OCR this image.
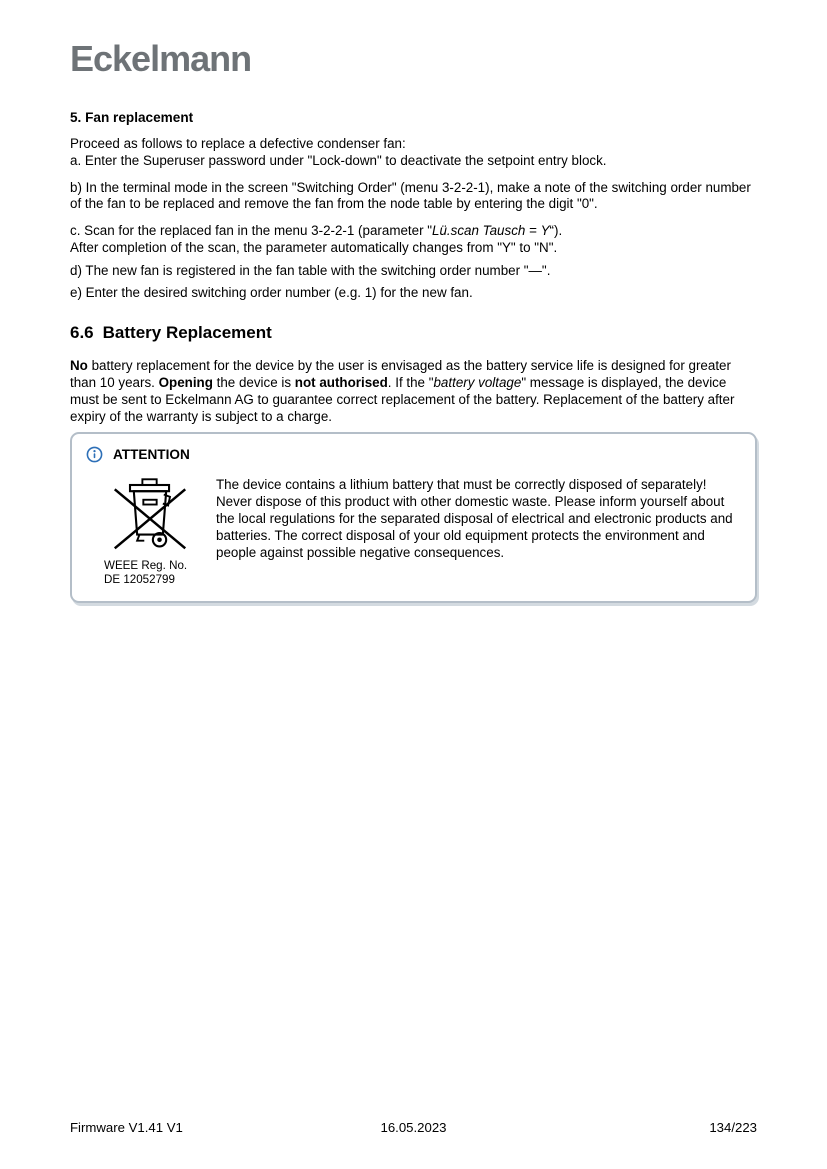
Eckelmann
5. Fan replacement

Proceed as follows to replace a defective condenser fan:
a. Enter the Superuser password under "Lock-down" to deactivate the setpoint entry block.

b) In the terminal mode in the screen "Switching Order" (menu 3-2-2-1), make a note of the switching order number of the fan to be replaced and remove the fan from the node table by entering the digit "0".

c. Scan for the replaced fan in the menu 3-2-2-1 (parameter "Lü.scan Tausch = Y“).
After completion of the scan, the parameter automatically changes from "Y" to "N".

d) The new fan is registered in the fan table with the switching order number "—".

e) Enter the desired switching order number (e.g. 1) for the new fan.

6.6 Battery Replacement

No battery replacement for the device by the user is envisaged as the battery service life is designed for greater than 10 years. Opening the device is not authorised. If the "battery voltage" message is displayed, the device must be sent to Eckelmann AG to guarantee correct replacement of the battery. Replacement of the battery after expiry of the warranty is subject to a charge.

ATTENTION
WEEE Reg. No.
DE 12052799

The device contains a lithium battery that must be correctly disposed of separately! Never dispose of this product with other domestic waste. Please inform yourself about the local regulations for the separated disposal of electrical and electronic products and batteries. The correct disposal of your old equipment protects the environment and people against possible negative consequences.

Firmware V1.41 V1	16.05.2023	134/223
